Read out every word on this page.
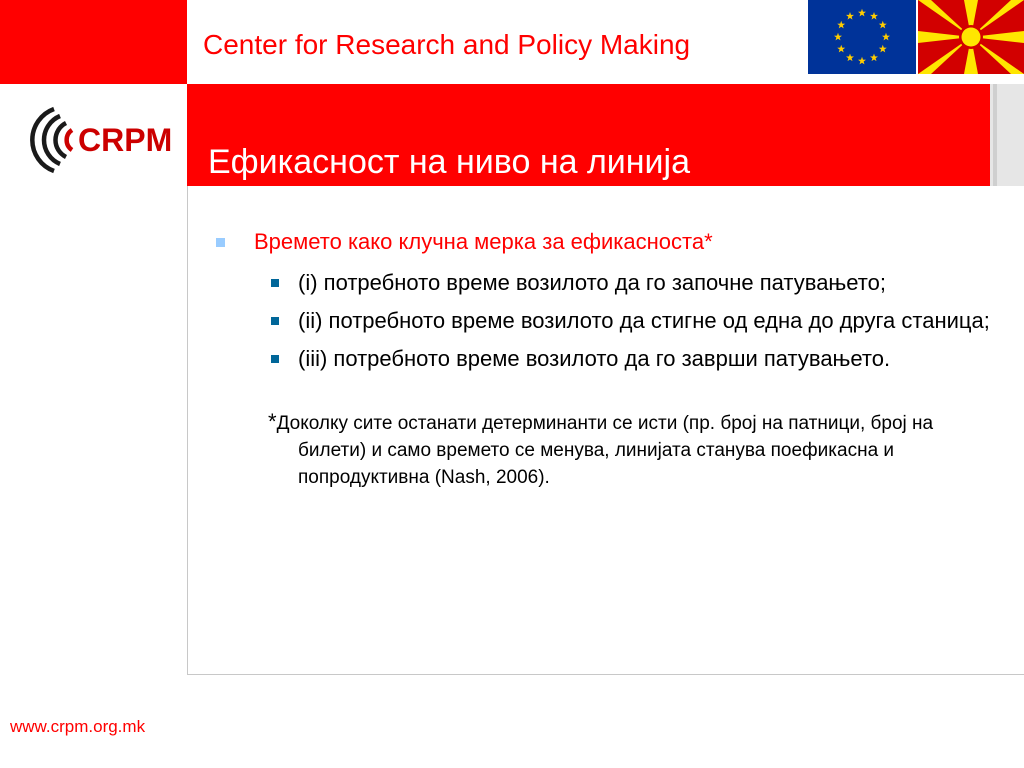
Center for Research and Policy Making
CRPM
Ефикасност на ниво на линија
Времето како клучна мерка за ефикасноста*
(i) потребното време возилото да го започне патувањето;
(ii) потребното време возилото да стигне од една до друга станица;
(iii) потребното време возилото да го заврши патувањето.
*Доколку сите останати детерминанти се исти (пр. број на патници, број на билети) и само времето се менува, линијата станува поефикасна и попродуктивна (Nash, 2006).
www.crpm.org.mk
